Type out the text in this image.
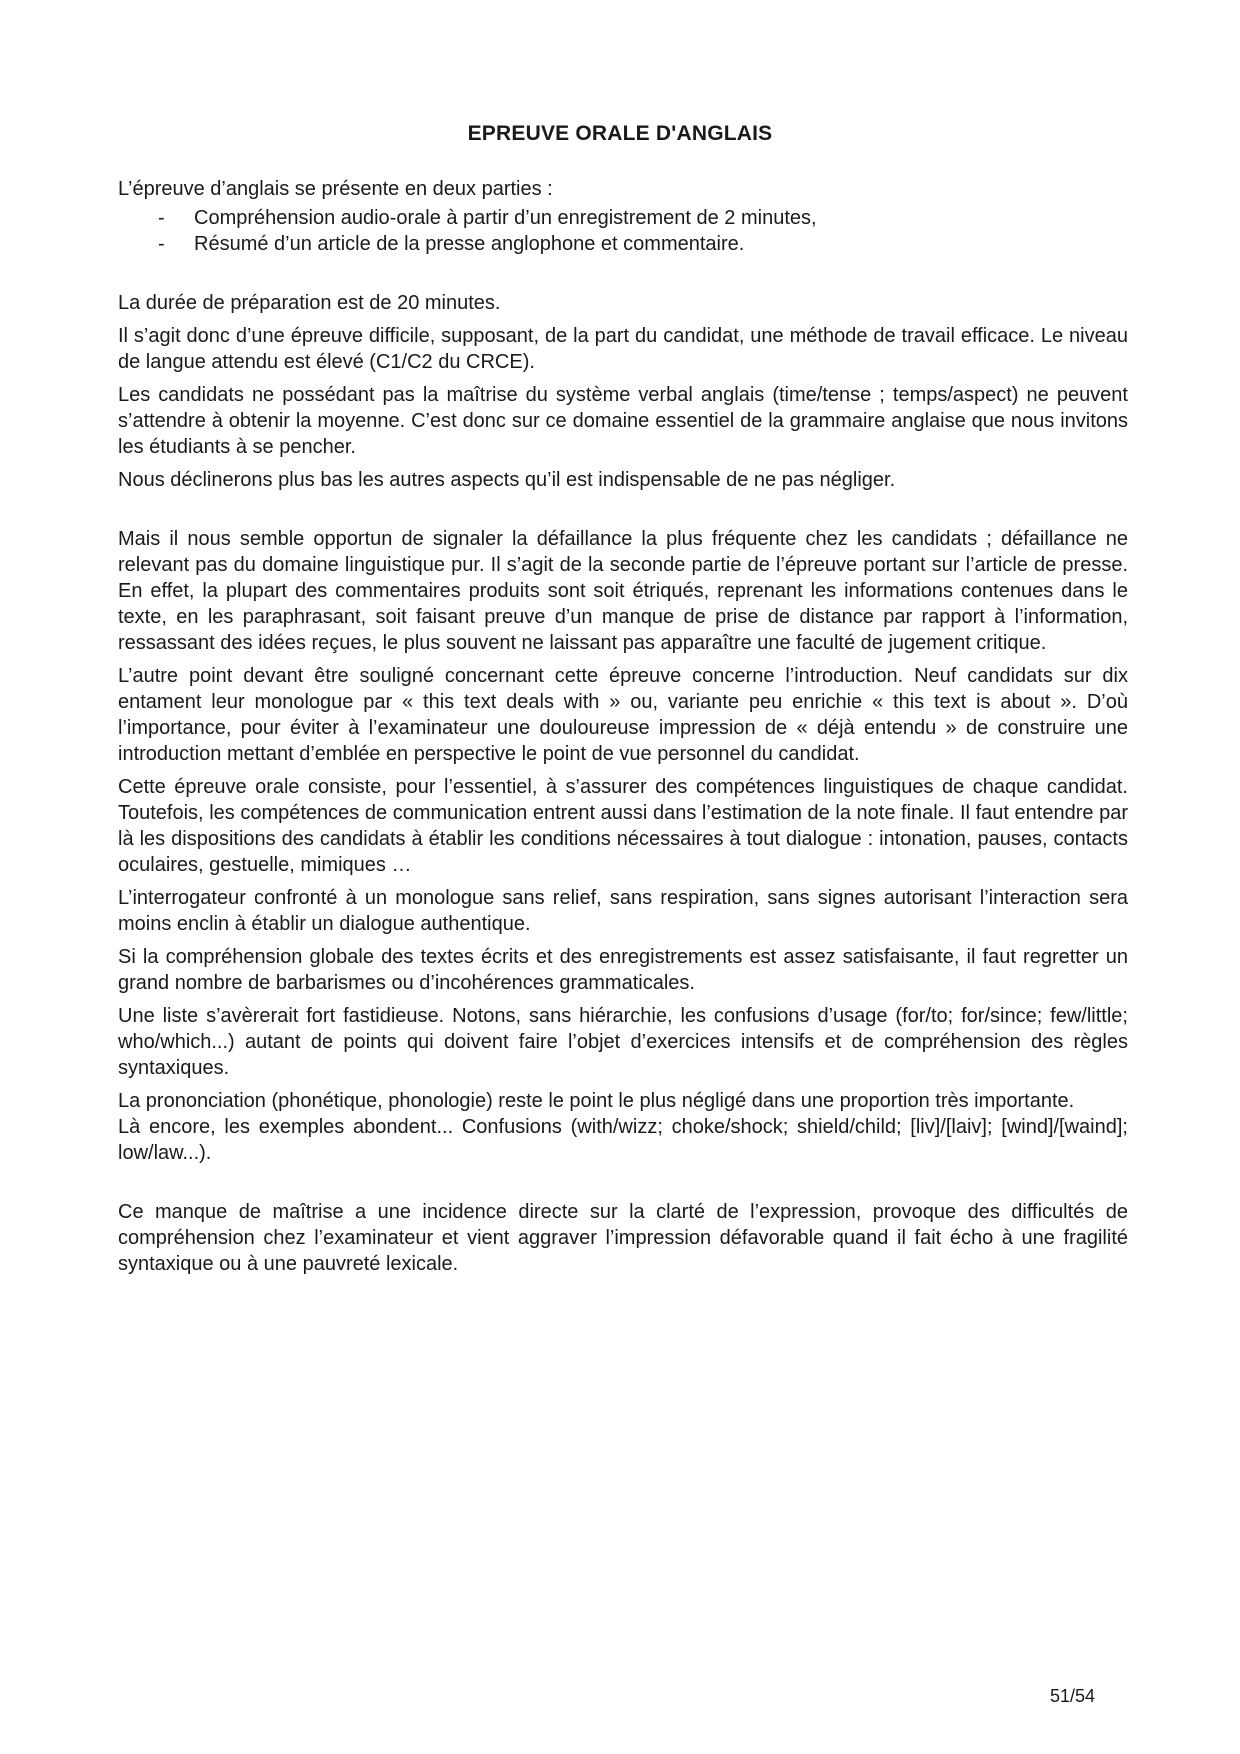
EPREUVE ORALE D'ANGLAIS

L’épreuve d’anglais se présente en deux parties :

- Compréhension audio-orale à partir d’un enregistrement de 2 minutes,
- Résumé d’un article de la presse anglophone et commentaire.

La durée de préparation est de 20 minutes.

Il s’agit donc d’une épreuve difficile, supposant, de la part du candidat, une méthode de travail efficace. Le niveau de langue attendu est élevé (C1/C2 du CRCE).

Les candidats ne possédant pas la maîtrise du système verbal anglais (time/tense ; temps/aspect) ne peuvent s’attendre à obtenir la moyenne. C’est donc sur ce domaine essentiel de la grammaire anglaise que nous invitons les étudiants à se pencher.

Nous déclinerons plus bas les autres aspects qu’il est indispensable de ne pas négliger.

Mais il nous semble opportun de signaler la défaillance la plus fréquente chez les candidats ; défaillance ne relevant pas du domaine linguistique pur. Il s’agit de la seconde partie de l’épreuve portant sur l’article de presse. En effet, la plupart des commentaires produits sont soit étriqués, reprenant les informations contenues dans le texte, en les paraphrasant, soit faisant preuve d’un manque de prise de distance par rapport à l’information, ressassant des idées reçues, le plus souvent ne laissant pas apparaître une faculté de jugement critique.

L’autre point devant être souligné concernant cette épreuve concerne l’introduction. Neuf candidats sur dix entament leur monologue par « this text deals with » ou, variante peu enrichie « this text is about ». D’où l’importance, pour éviter à l’examinateur une douloureuse impression de « déjà entendu » de construire une introduction mettant d’emblée en perspective le point de vue personnel du candidat.

Cette épreuve orale consiste, pour l’essentiel, à s’assurer des compétences linguistiques de chaque candidat. Toutefois, les compétences de communication entrent aussi dans l’estimation de la note finale. Il faut entendre par là les dispositions des candidats à établir les conditions nécessaires à tout dialogue : intonation, pauses, contacts oculaires, gestuelle, mimiques …

L’interrogateur confronté à un monologue sans relief, sans respiration, sans signes autorisant l’interaction sera moins enclin à établir un dialogue authentique.

Si la compréhension globale des textes écrits et des enregistrements est assez satisfaisante, il faut regretter un grand nombre de barbarismes ou d’incohérences grammaticales.

Une liste s’avèrerait fort fastidieuse. Notons, sans hiérarchie, les confusions d’usage (for/to; for/since; few/little; who/which...) autant de points qui doivent faire l’objet d’exercices intensifs et de compréhension des règles syntaxiques.

La prononciation (phonétique, phonologie) reste le point le plus négligé dans une proportion très importante.

Là encore, les exemples abondent... Confusions (with/wizz; choke/shock; shield/child; [liv]/[laiv]; [wind]/[waind]; low/law...).

Ce manque de maîtrise a une incidence directe sur la clarté de l’expression, provoque des difficultés de compréhension chez l’examinateur et vient aggraver l’impression défavorable quand il fait écho à une fragilité syntaxique ou à une pauvreté lexicale.

51/54
